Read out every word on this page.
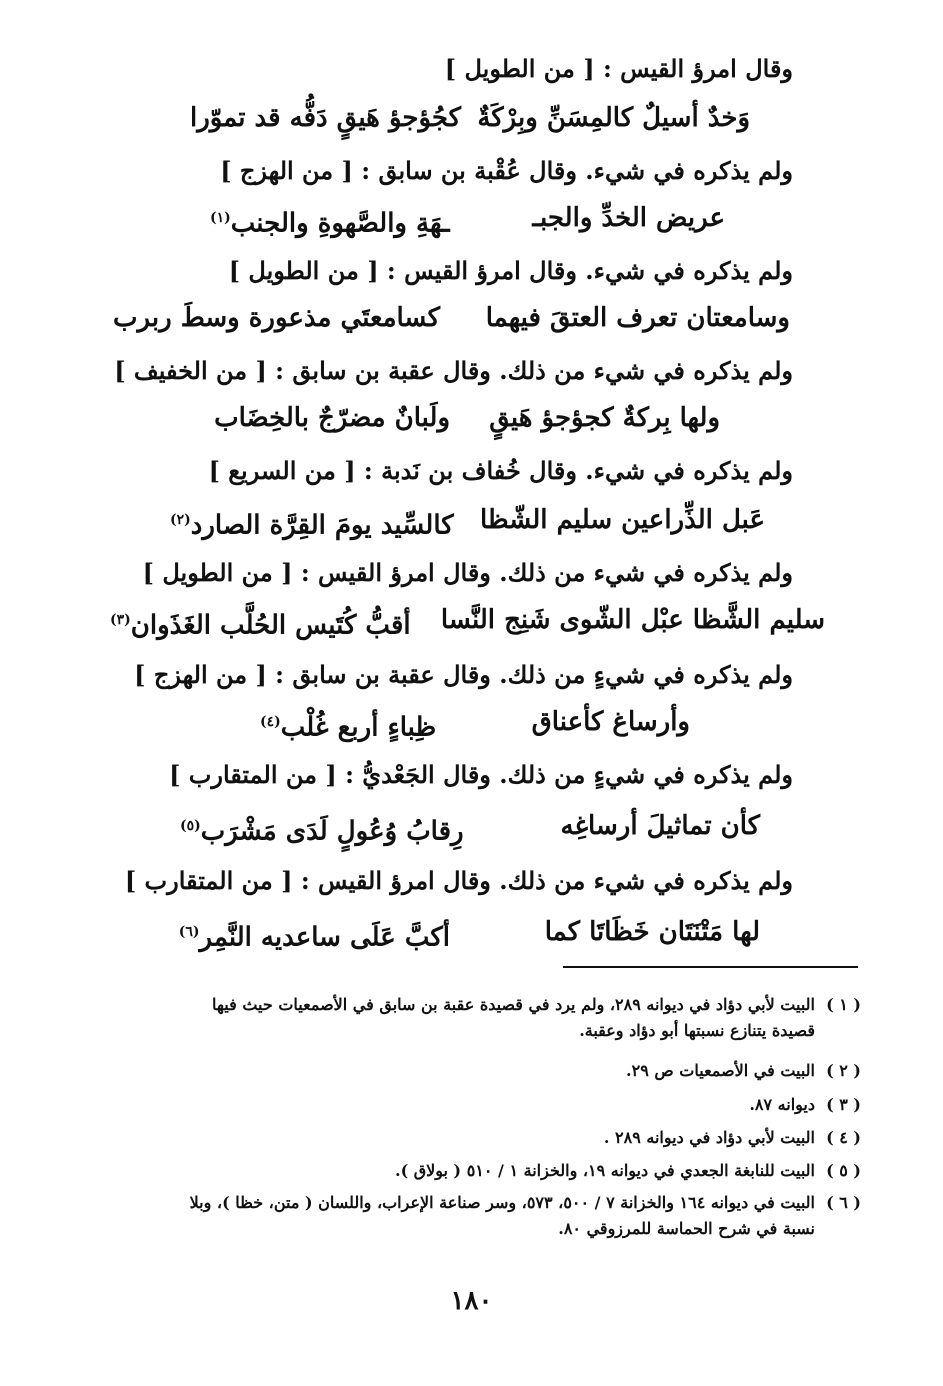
وقال امرؤ القيس : [ من الطويل ]
وَخدٌ أسيلٌ كالمِسَنِّ وبِرْكَةٌ
كجُؤجؤ هَيقٍ دَفُّه قد تموّرا
ولم يذكره في شيء. وقال عُقْبة بن سابق : [ من الهزج ]
عريض الخدِّ والجبـ
ـهَةِ والصَّهوةِ والجنب$^{(١)}$
ولم يذكره في شيء. وقال امرؤ القيس : [ من الطويل ]
وسامعتان تعرف العتقَ فيهما
كسامعتَي مذعورة وسطَ ربرب
ولم يذكره في شيء من ذلك. وقال عقبة بن سابق : [ من الخفيف ]
ولها بِركةٌ كجؤجؤ هَيقٍ
ولَبانٌ مضرّجٌ بالخِضَاب
ولم يذكره في شيء. وقال خُفاف بن نَدبة : [ من السريع ]
عَبل الذِّراعين سليم الشّظا
كالسِّيد يومَ القِرَّة الصارد$^{(٢)}$
ولم يذكره في شيء من ذلك. وقال امرؤ القيس : [ من الطويل ]
سليم الشَّظا عبْل الشّوى شَنِج النَّسا
أقبُّ كُتَيس الحُلَّب الغَذَوان$^{(٣)}$
ولم يذكره في شيءٍ من ذلك. وقال عقبة بن سابق : [ من الهزج ]
وأرساغ كأعناق
ظِباءٍ أربع غُلْب$^{(٤)}$
ولم يذكره في شيءٍ من ذلك. وقال الجَعْديُّ : [ من المتقارب ]
كأن تماثيلَ أرساغِه
رِقابُ وُعُولٍ لَدَى مَشْرَب$^{(٥)}$
ولم يذكره في شيء من ذلك. وقال امرؤ القيس : [ من المتقارب ]
لها مَتْنَتَان خَظَاتَا كما
أكبَّ عَلَى ساعديه النَّمِر$^{(٦)}$
( ١ )البيت لأبي دؤاد في ديوانه ٢٨٩، ولم يرد في قصيدة عقبة بن سابق في الأصمعيات حيث فيها
قصيدة يتنازع نسبتها أبو دؤاد وعقبة.
( ٢ )البيت في الأصمعيات ص ٢٩.
( ٣ )ديوانه ٨٧.
( ٤ )البيت لأبي دؤاد في ديوانه ٢٨٩ .
( ٥ )البيت للنابغة الجعدي في ديوانه ١٩، والخزانة ١ / ٥١٠ ( بولاق ).
( ٦ )البيت في ديوانه ١٦٤ والخزانة ٧ / ٥٠٠، ٥٧٣، وسر صناعة الإعراب، واللسان ( متن، خظا )، وبلا
نسبة في شرح الحماسة للمرزوقي ٨٠.
١٨٠
